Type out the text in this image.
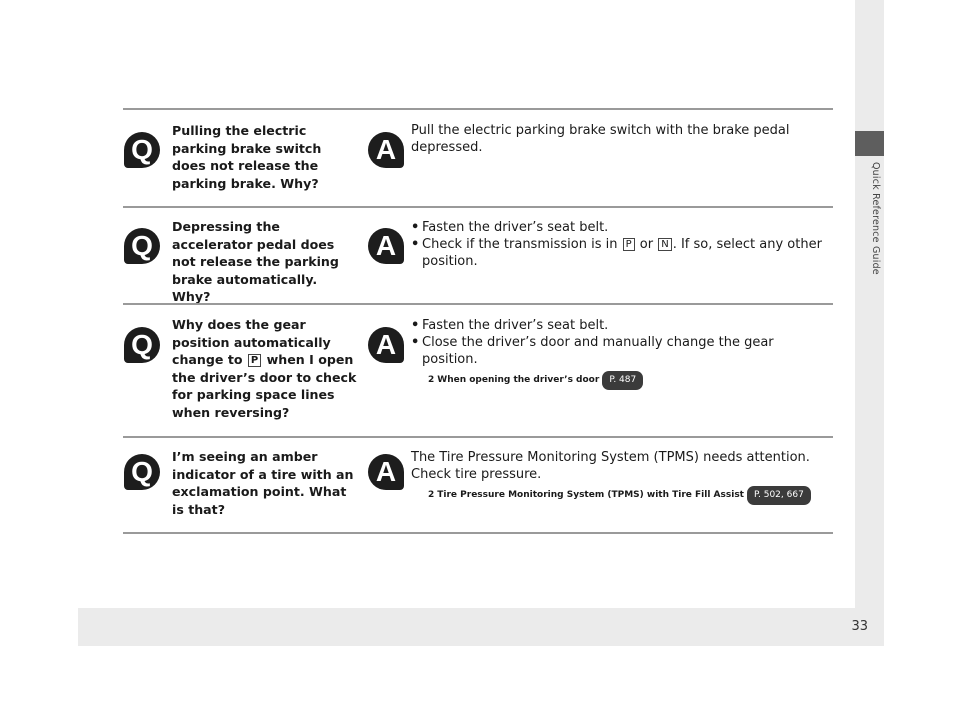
Quick Reference Guide
33
Q
Pulling the electric parking brake switch does not release the parking brake. Why?
A
Pull the electric parking brake switch with the brake pedal depressed.
Q
Depressing the accelerator pedal does not release the parking brake automatically. Why?
A
• Fasten the driver’s seat belt.
• Check if the transmission is in P or N . If so, select any other position.
Q
Why does the gear position automatically change to P when I open the driver’s door to check for parking space lines when reversing?
A
• Fasten the driver’s seat belt.
• Close the driver’s door and manually change the gear position.
2 When opening the driver’s door	P. 487
Q	I’m seeing an amber indicator of a tire with an exclamation point. What is that?
A	The Tire Pressure Monitoring System (TPMS) needs attention. Check tire pressure.
2 Tire Pressure Monitoring System (TPMS) with Tire Fill Assist	P. 502, 667
